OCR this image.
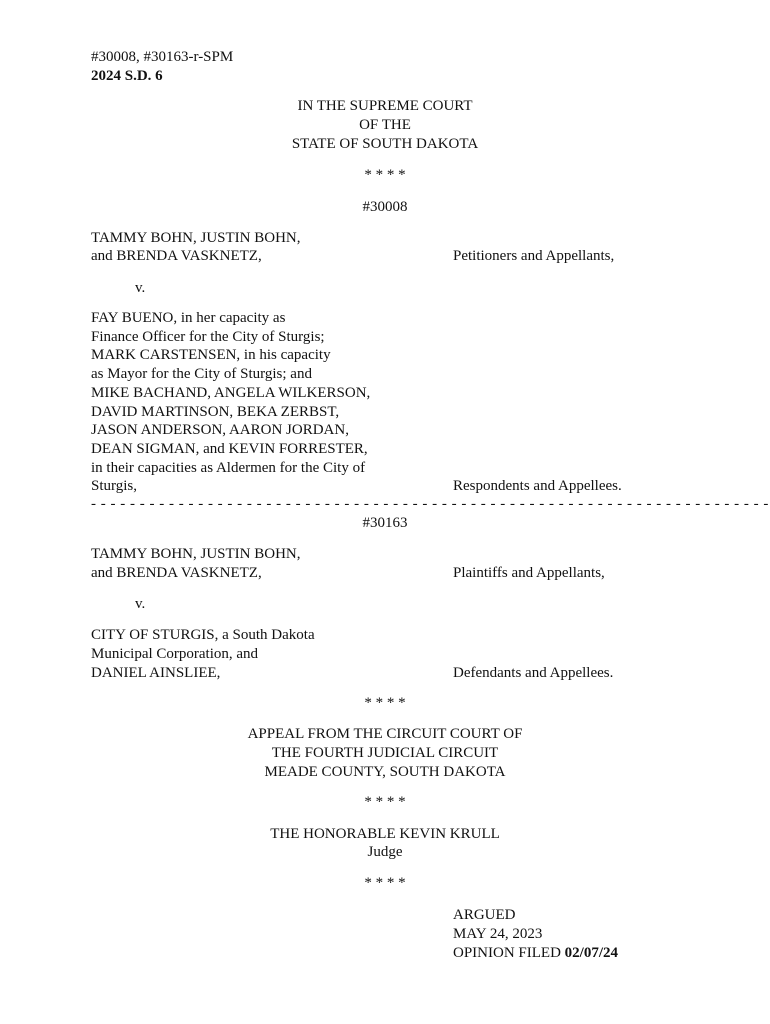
#30008, #30163-r-SPM
2024 S.D. 6
IN THE SUPREME COURT
OF THE
STATE OF SOUTH DAKOTA
* * * *
#30008
TAMMY BOHN, JUSTIN BOHN,
and BRENDA VASKNETZ,	Petitioners and Appellants,
v.
FAY BUENO, in her capacity as
Finance Officer for the City of Sturgis;
MARK CARSTENSEN, in his capacity
as Mayor for the City of Sturgis; and
MIKE BACHAND, ANGELA WILKERSON,
DAVID MARTINSON, BEKA ZERBST,
JASON ANDERSON, AARON JORDAN,
DEAN SIGMAN, and KEVIN FORRESTER,
in their capacities as Aldermen for the City of
Sturgis,	Respondents and Appellees.
- - - - - - - - - - - - - - - - - - - - - - - - - - - - - - - - - - - - - - - - - - - - - - - - - - - - - - - - - - - - - - - - - - - - - -
#30163
TAMMY BOHN, JUSTIN BOHN,
and BRENDA VASKNETZ,	Plaintiffs and Appellants,
v.
CITY OF STURGIS, a South Dakota
Municipal Corporation, and
DANIEL AINSLIEE,	Defendants and Appellees.
* * * *
APPEAL FROM THE CIRCUIT COURT OF
THE FOURTH JUDICIAL CIRCUIT
MEADE COUNTY, SOUTH DAKOTA
* * * *
THE HONORABLE KEVIN KRULL
Judge
* * * *
ARGUED
MAY 24, 2023
OPINION FILED 02/07/24
